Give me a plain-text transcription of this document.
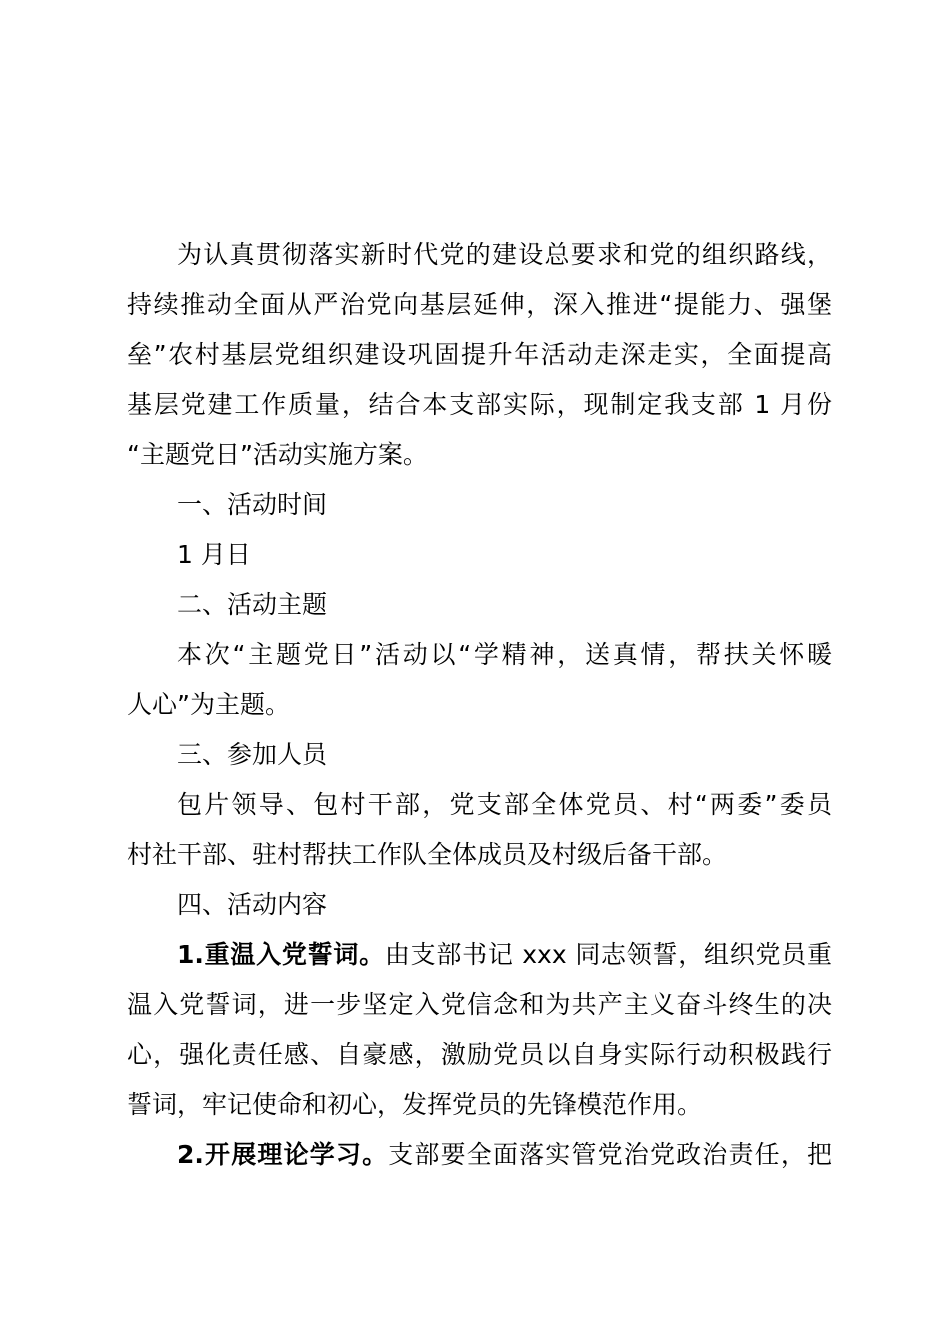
为认真贯彻落实新时代党的建设总要求和党的组织路线，
持续推动全面从严治党向基层延伸，深入推进“提能力、强堡
垒”农村基层党组织建设巩固提升年活动走深走实，全面提高
基层党建工作质量，结合本支部实际，现制定我支部 1 月份
“主题党日”活动实施方案。
一、活动时间
1 月日
二、活动主题
本次“主题党日”活动以“学精神，送真情，帮扶关怀暖
人心”为主题。
三、参加人员
包片领导、包村干部，党支部全体党员、村“两委”委员
村社干部、驻村帮扶工作队全体成员及村级后备干部。
四、活动内容
1.重温入党誓词。由支部书记 xxx 同志领誓，组织党员重
温入党誓词，进一步坚定入党信念和为共产主义奋斗终生的决
心，强化责任感、自豪感，激励党员以自身实际行动积极践行
誓词，牢记使命和初心，发挥党员的先锋模范作用。
2.开展理论学习。支部要全面落实管党治党政治责任，把
